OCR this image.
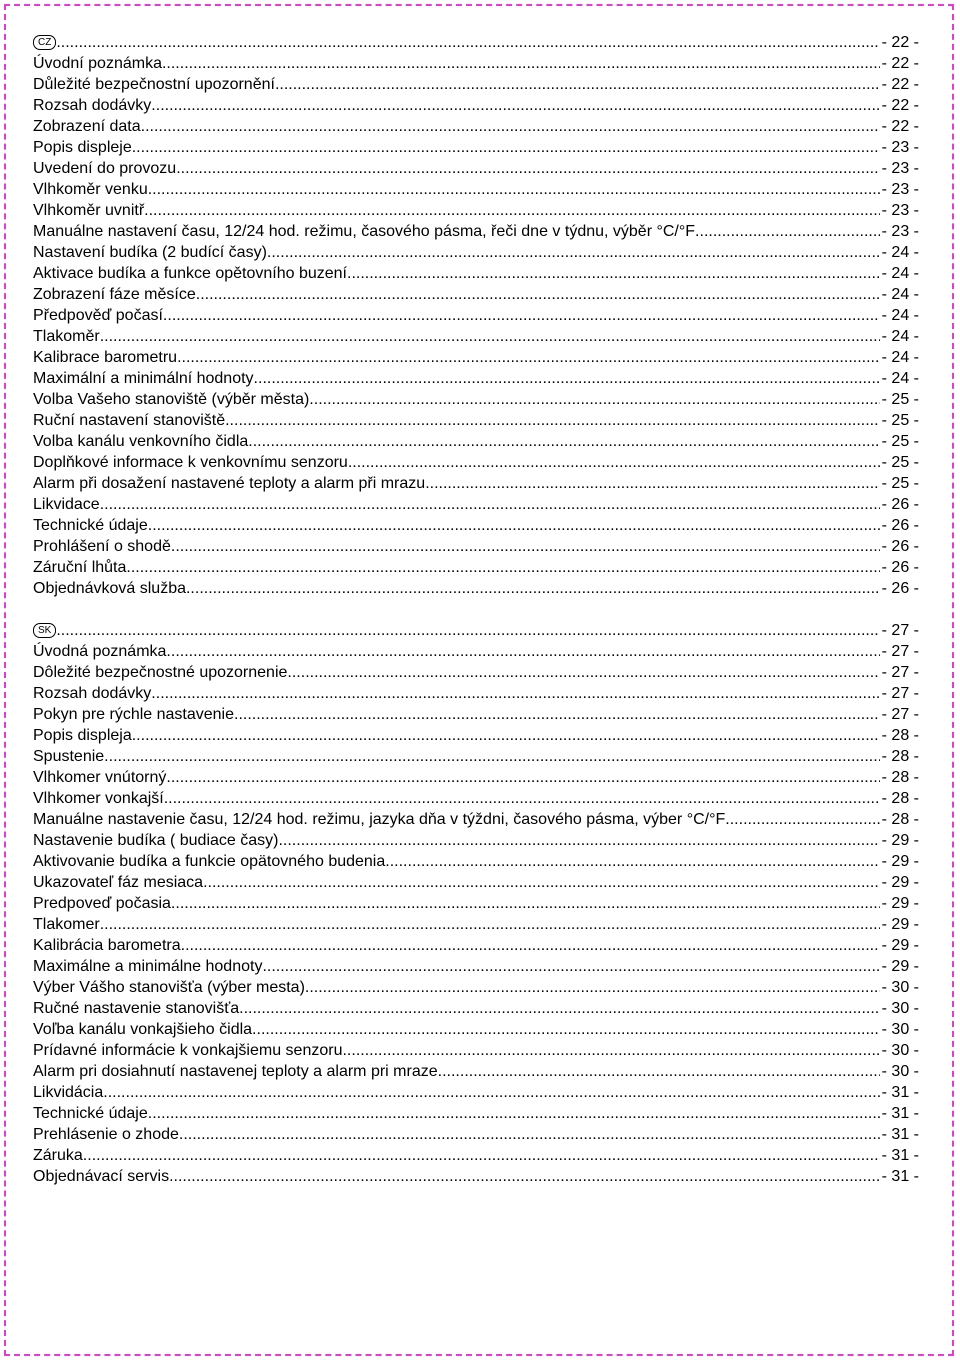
CZ .....	- 22 -
Úvodní poznámka .....	- 22 -
Důležité bezpečnostní upozornění .....	- 22 -
Rozsah dodávky .....	- 22 -
Zobrazení data .....	- 22 -
Popis displeje .....	- 23 -
Uvedení do provozu .....	- 23 -
Vlhkoměr venku .....	- 23 -
Vlhkoměr uvnitř .....	- 23 -
Manuálne nastavení času, 12/24 hod. režimu, časového pásma, řeči dne v týdnu, výběr °C/°F .....	- 23 -
Nastavení budíka (2 budící časy) .....	- 24 -
Aktivace budíka a funkce opětovního buzení .....	- 24 -
Zobrazení fáze měsíce .....	- 24 -
Předpověď počasí .....	- 24 -
Tlakoměr .....	- 24 -
Kalibrace barometru .....	- 24 -
Maximální a minimální hodnoty .....	- 24 -
Volba Vašeho stanoviště (výběr města) .....	- 25 -
Ruční nastavení stanoviště .....	- 25 -
Volba kanálu venkovního čidla .....	- 25 -
Doplňkové informace k venkovnímu senzoru .....	- 25 -
Alarm při dosažení nastavené teploty a alarm při mrazu .....	- 25 -
Likvidace .....	- 26 -
Technické údaje .....	- 26 -
Prohlášení o shodě .....	- 26 -
Záruční lhůta .....	- 26 -
Objednávková služba .....	- 26 -
SK .....	- 27 -
Úvodná poznámka .....	- 27 -
Dôležité bezpečnostné upozornenie .....	- 27 -
Rozsah dodávky .....	- 27 -
Pokyn pre rýchle nastavenie .....	- 27 -
Popis displeja .....	- 28 -
Spustenie .....	- 28 -
Vlhkomer vnútorný .....	- 28 -
Vlhkomer vonkajší .....	- 28 -
Manuálne nastavenie času, 12/24 hod. režimu, jazyka dňa v týždni, časového pásma, výber °C/°F .....	- 28 -
Nastavenie budíka ( budiace časy) .....	- 29 -
Aktivovanie budíka a funkcie opätovného budenia .....	- 29 -
Ukazovateľ fáz mesiaca .....	- 29 -
Predpoveď počasia .....	- 29 -
Tlakomer .....	- 29 -
Kalibrácia barometra .....	- 29 -
Maximálne a minimálne hodnoty .....	- 29 -
Výber Vášho stanovišťa (výber mesta) .....	- 30 -
Ručné nastavenie stanovišťa .....	- 30 -
Voľba kanálu vonkajšieho čidla .....	- 30 -
Prídavné informácie k vonkajšiemu senzoru .....	- 30 -
Alarm pri dosiahnutí nastavenej teploty a alarm pri mraze .....	- 30 -
Likvidácia .....	- 31 -
Technické údaje .....	- 31 -
Prehlásenie o zhode .....	- 31 -
Záruka .....	- 31 -
Objednávací servis .....	- 31 -
